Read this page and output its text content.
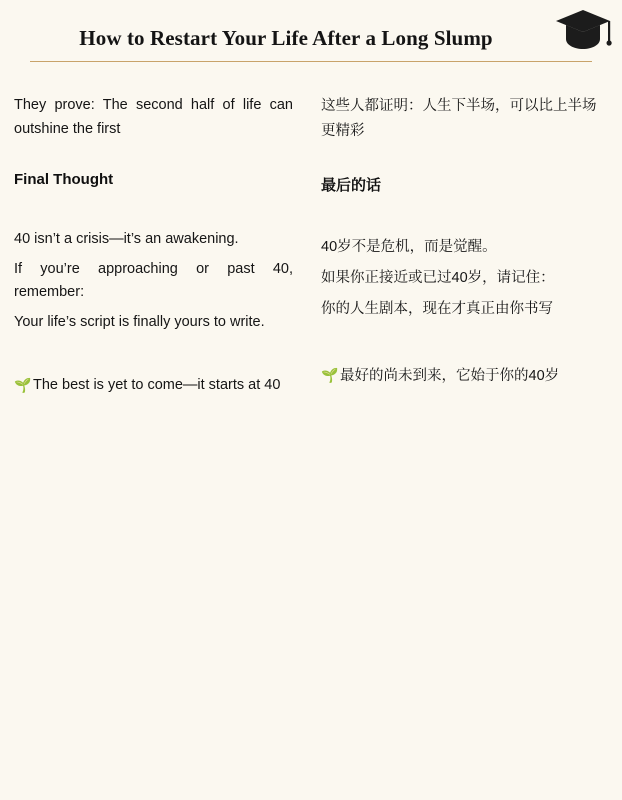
How to Restart Your Life After a Long Slump

They prove: The second half of life can outshine the first

Final Thought

40 isn’t a crisis—it’s an awakening.

If you’re approaching or past 40, remember:

Your life’s script is finally yours to write.

🌱 The best is yet to come—it starts at 40

这些人都证明：人生下半场，可以比上半场更精彩

最后的话

40岁不是危机，而是觉醒。

如果你正接近或已过40岁，请记住：

你的人生剧本，现在才真正由你书写

🌱 最好的尚未到来，它始于你的40岁
